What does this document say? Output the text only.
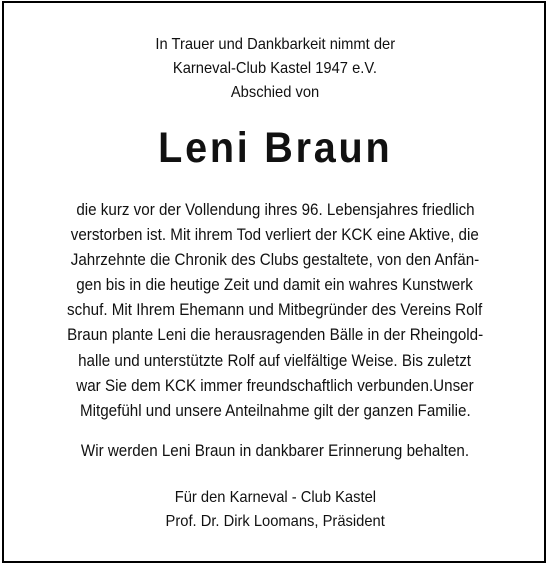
In Trauer und Dankbarkeit nimmt der
Karneval-Club Kastel 1947 e.V.
Abschied von
Leni Braun
die kurz vor der Vollendung ihres 96. Lebensjahres friedlich
verstorben ist. Mit ihrem Tod verliert der KCK eine Aktive, die
Jahrzehnte die Chronik des Clubs gestaltete, von den Anfän-
gen bis in die heutige Zeit und damit ein wahres Kunstwerk
schuf. Mit Ihrem Ehemann und Mitbegründer des Vereins Rolf
Braun plante Leni die herausragenden Bälle in der Rheingold-
halle und unterstützte Rolf auf vielfältige Weise. Bis zuletzt
war Sie dem KCK immer freundschaftlich verbunden.Unser
Mitgefühl und unsere Anteilnahme gilt der ganzen Familie.
Wir werden Leni Braun in dankbarer Erinnerung behalten.
Für den Karneval - Club Kastel
Prof. Dr. Dirk Loomans, Präsident
